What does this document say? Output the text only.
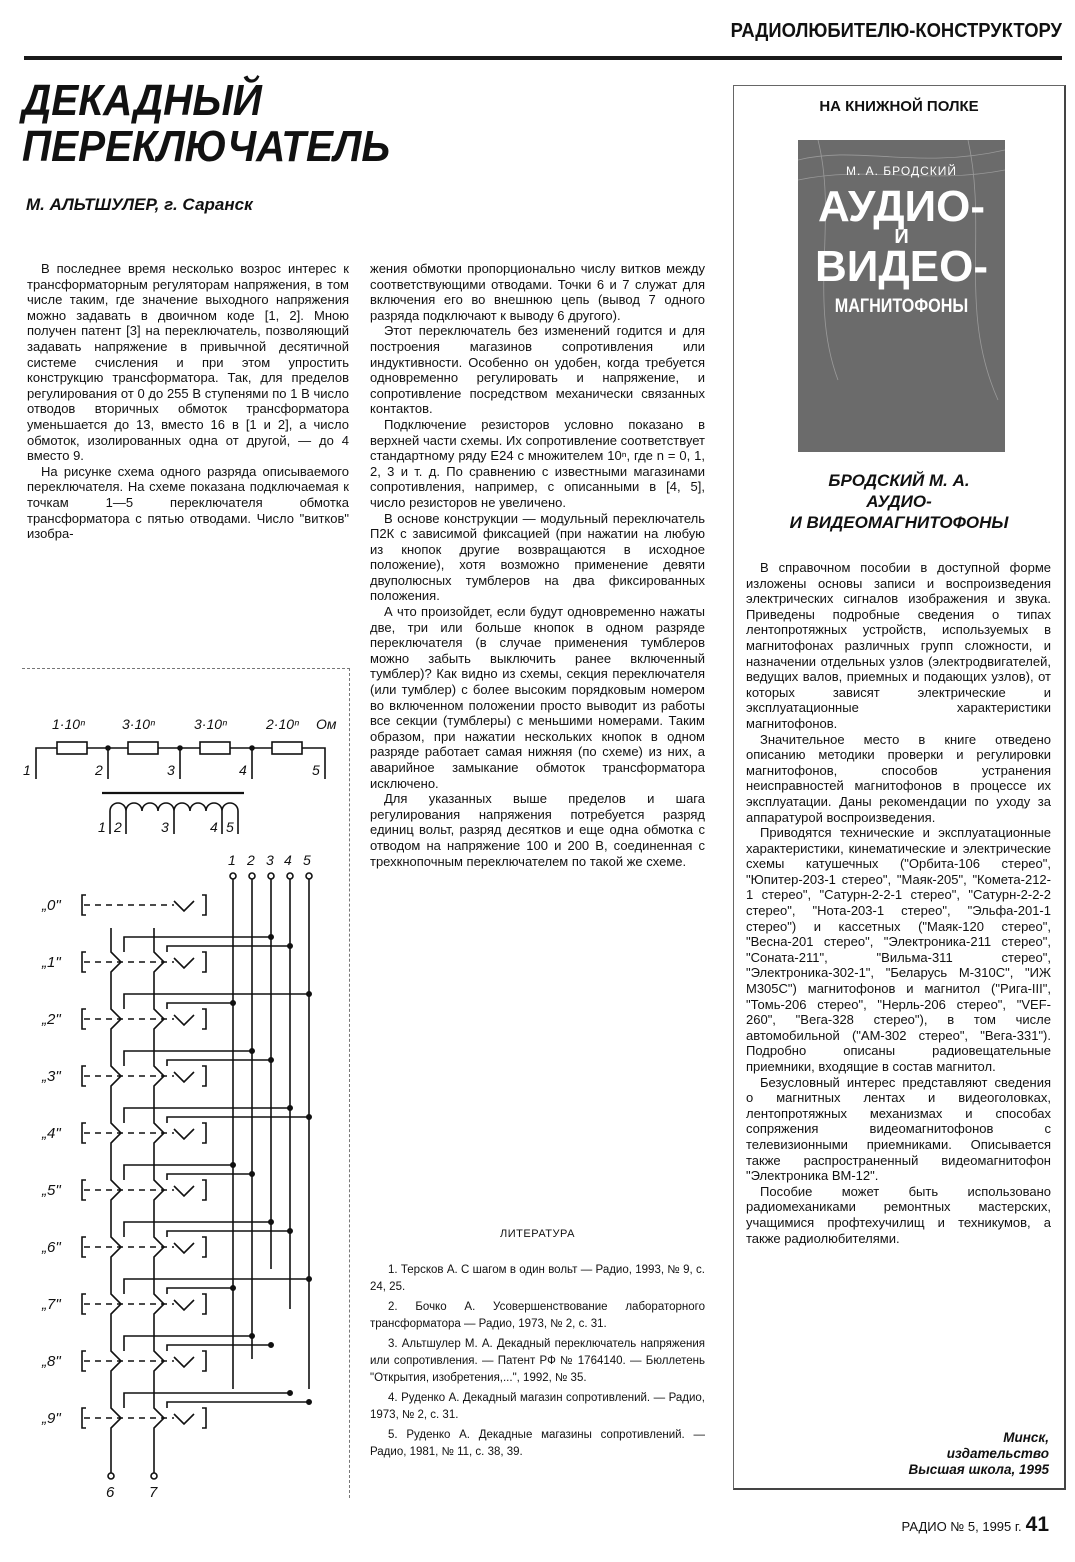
РАДИОЛЮБИТЕЛЮ-КОНСТРУКТОРУ
ДЕКАДНЫЙ
ПЕРЕКЛЮЧАТЕЛЬ
М. АЛЬТШУЛЕР, г. Саранск

В последнее время несколько возрос интерес к трансформаторным регуляторам напряжения, в том числе таким, где значение выходного напряжения можно задавать в двоичном коде [1, 2]. Мною получен патент [3] на переключатель, позволяющий задавать напряжение в привычной десятичной системе счисления и при этом упростить конструкцию трансформатора. Так, для пределов регулирования от 0 до 255 В ступенями по 1 В число отводов вторичных обмоток трансформатора уменьшается до 13, вместо 16 в [1 и 2], а число обмоток, изолированных одна от другой, — до 4 вместо 9.

На рисунке схема одного разряда описываемого переключателя. На схеме показана подключаемая к точкам 1—5 переключателя обмотка трансформатора с пятью отводами. Число "витков" изобра-

жения обмотки пропорционально числу витков между соответствующими отводами. Точки 6 и 7 служат для включения его во внешнюю цепь (вывод 7 одного разряда подключают к выводу 6 другого).

Этот переключатель без изменений годится и для построения магазинов сопротивления или индуктивности. Особенно он удобен, когда требуется одновременно регулировать и напряжение, и сопротивление посредством механически связанных контактов.

Подключение резисторов условно показано в верхней части схемы. Их сопротивление соответствует стандартному ряду Е24 с множителем 10ⁿ, где n = 0, 1, 2, 3 и т. д. По сравнению с известными магазинами сопротивления, например, с описанными в [4, 5], число резисторов не увеличено.

В основе конструкции — модульный переключатель П2К с зависимой фиксацией (при нажатии на любую из кнопок другие возвращаются в исходное положение), хотя возможно применение девяти двуполюсных тумблеров на два фиксированных положения.

А что произойдет, если будут одновременно нажаты две, три или больше кнопок в одном разряде переключателя (в случае применения тумблеров можно забыть выключить ранее включенный тумблер)? Как видно из схемы, секция переключателя (или тумблер) с более высоким порядковым номером во включенном положении просто выводит из работы все секции (тумблеры) с меньшими номерами. Таким образом, при нажатии нескольких кнопок в одном разряде работает самая нижняя (по схеме) из них, а аварийное замыкание обмоток трансформатора исключено.

Для указанных выше пределов и шага регулирования напряжения потребуется разряд единиц вольт, разряд десятков и еще одна обмотка с отводом на напряжение 100 и 200 В, соединенная с трехкнопочным переключателем по такой же схеме.

ЛИТЕРАТУРА

1. Терсков А. С шагом в один вольт — Радио, 1993, № 9, с. 24, 25.

2. Бочко А. Усовершенствование лабораторного трансформатора — Радио, 1973, № 2, с. 31.

3. Альтшулер М. А. Декадный переключатель напряжения или сопротивления. — Патент РФ № 1764140. — Бюллетень "Открытия, изобретения,...", 1992, № 35.

4. Руденко А. Декадный магазин сопротивлений. — Радио, 1973, № 2, с. 31.

5. Руденко А. Декадные магазины сопротивлений. — Радио, 1981, № 11, с. 38, 39.

1·10ⁿ	3·10ⁿ	3·10ⁿ	2·10ⁿ Ом
1	2	3	4	5
1 2	3	4 5
1 2 3 4 5
„0"
„1"
„2"
„3"
„4"
„5"
„6"
„7"
„8"
„9"
6 7
НА КНИЖНОЙ ПОЛКЕ
М. А. БРОДСКИЙ
АУДИО-
И
ВИДЕО-
МАГНИТОФОНЫ
БРОДСКИЙ М. А.
АУДИО-
И ВИДЕОМАГНИТОФОНЫ

В справочном пособии в доступной форме изложены основы записи и воспроизведения электрических сигналов изображения и звука. Приведены подробные сведения о типах лентопротяжных устройств, используемых в магнитофонах различных групп сложности, и назначении отдельных узлов (электродвигателей, ведущих валов, приемных и подающих узлов), от которых зависят электрические и эксплуатационные характеристики магнитофонов.

Значительное место в книге отведено описанию методики проверки и регулировки магнитофонов, способов устранения неисправностей магнитофонов в процессе их эксплуатации. Даны рекомендации по уходу за аппаратурой воспроизведения.

Приводятся технические и эксплуатационные характеристики, кинематические и электрические схемы катушечных ("Орбита-106 стерео", "Юпитер-203-1 стерео", "Маяк-205", "Комета-212-1 стерео", "Сатурн-2-2-1 стерео", "Сатурн-2-2-2 стерео", "Нота-203-1 стерео", "Эльфа-201-1 стерео") и кассетных ("Маяк-120 стерео", "Весна-201 стерео", "Электроника-211 стерео", "Соната-211", "Вильма-311 стерео", "Электроника-302-1", "Беларусь М-310С", "ИЖ М305С") магнитофонов и магнитол ("Рига-III", "Томь-206 стерео", "Нерль-206 стерео", "VEF-260", "Вега-328 стерео"), в том числе автомобильной ("АМ-302 стерео", "Вега-331"). Подробно описаны радиовещательные приемники, входящие в состав магнитол.

Безусловный интерес представляют сведения о магнитных лентах и видеоголовках, лентопротяжных механизмах и способах сопряжения видеомагнитофонов с телевизионными приемниками. Описывается также распространенный видеомагнитофон "Электроника ВМ-12".

Пособие может быть использовано радиомеханиками ремонтных мастерских, учащимися профтехучилищ и техникумов, а также радиолюбителями.

Минск,
издательство
Высшая школа, 1995
РАДИО № 5, 1995 г. 41
